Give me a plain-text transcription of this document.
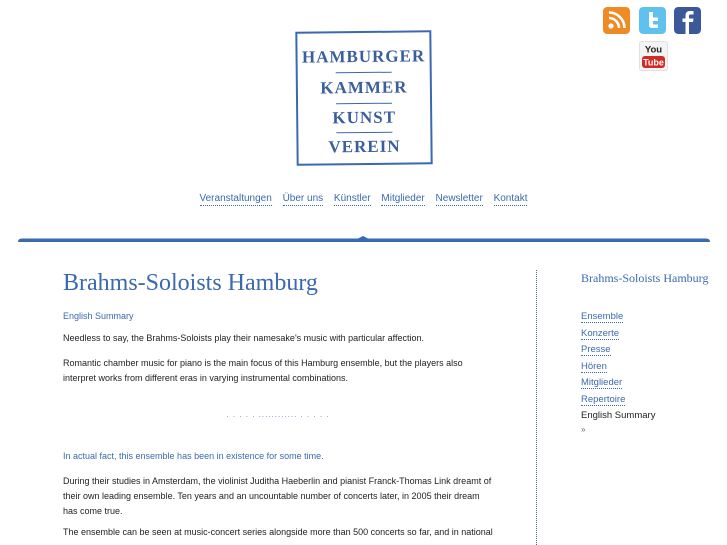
You
Tube
HAMBURGER
KAMMER
KUNST
VEREIN
Veranstaltungen Über uns Künstler Mitglieder Newsletter Kontakt
Brahms-Soloists Hamburg

English Summary

Needless to say, the Brahms-Soloists play their namesake's music with particular affection.

Romantic chamber music for piano is the main focus of this Hamburg ensemble, but the players also interpret works from different eras in varying instrumental combinations.

. . . . . ............ . . . . .

In actual fact, this ensemble has been in existence for some time.

During their studies in Amsterdam, the violinist Juditha Haeberlin and pianist Franck-Thomas Link dreamt of their own leading ensemble. Ten years and an uncountable number of concerts later, in 2005 their dream has come true.

The ensemble can be seen at music-concert series alongside more than 500 concerts so far, and in national

Brahms-Soloists Hamburg
Ensemble
Konzerte
Presse
Hören
Mitglieder
Repertoire
English Summary
»
